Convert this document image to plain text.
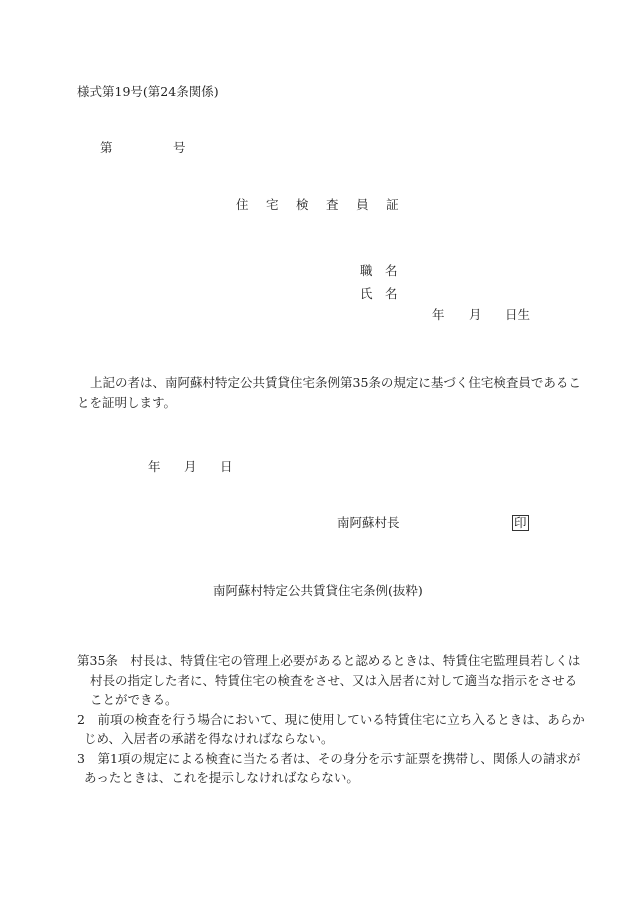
様式第19号(第24条関係)
第	号
住 宅 検 査 員 証
職　名
氏　名
年 月 日生
上記の者は、南阿蘇村特定公共賃貸住宅条例第35条の規定に基づく住宅検査員であるこ
とを証明します。
年 月 日
南阿蘇村長	印
南阿蘇村特定公共賃貸住宅条例(抜粋)
第35条　村長は、特賃住宅の管理上必要があると認めるときは、特賃住宅監理員若しくは
村長の指定した者に、特賃住宅の検査をさせ、又は入居者に対して適当な指示をさせる
ことができる。
2　前項の検査を行う場合において、現に使用している特賃住宅に立ち入るときは、あらか
じめ、入居者の承諾を得なければならない。
3　第1項の規定による検査に当たる者は、その身分を示す証票を携帯し、関係人の請求が
あったときは、これを提示しなければならない。
